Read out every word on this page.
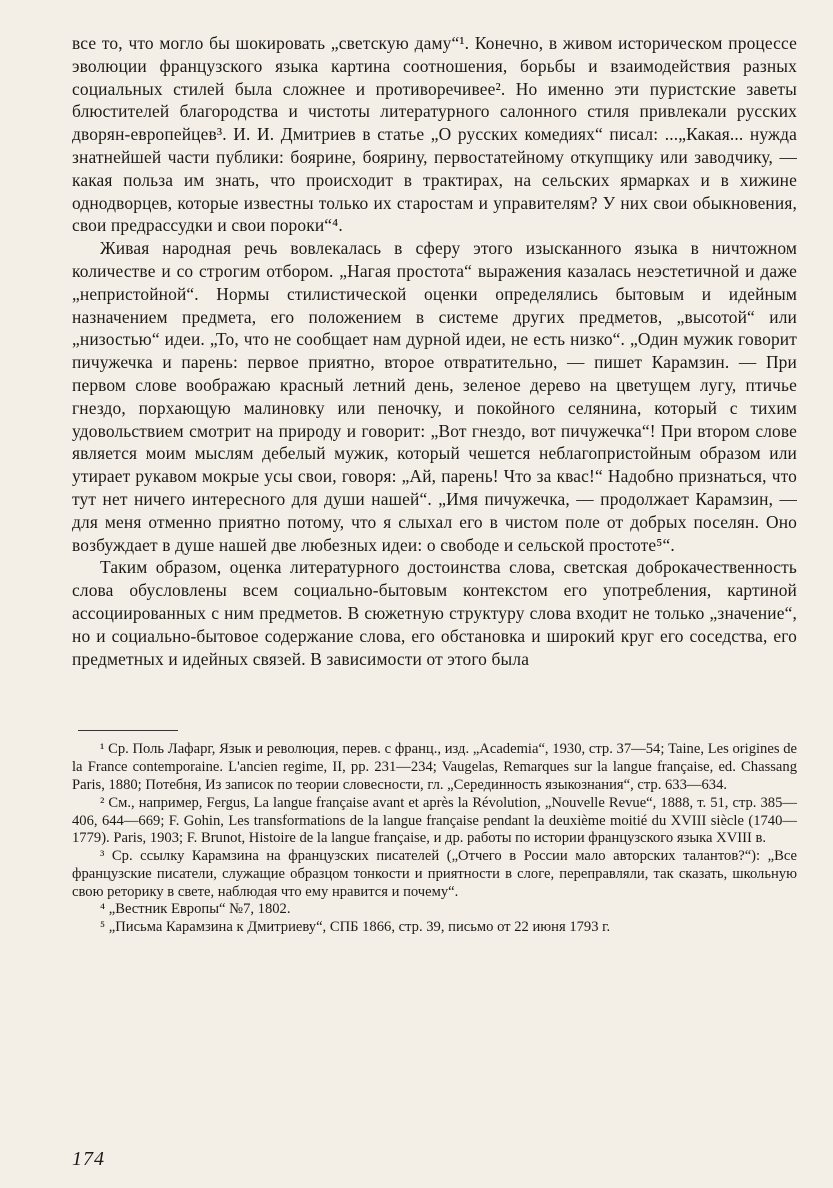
все то, что могло бы шокировать „светскую даму“¹. Конечно, в живом историческом процессе эволюции французского языка картина соотношения, борьбы и взаимодействия разных социальных стилей была сложнее и противоречивее². Но именно эти пуристские заветы блюстителей благородства и чистоты литературного салонного стиля привлекали русских дворян-европейцев³. И. И. Дмитриев в статье „О русских комедиях“ писал: ...„Какая... нужда знатнейшей части публики: боярине, боярину, первостатейному откупщику или заводчику, — какая польза им знать, что происходит в трактирах, на сельских ярмарках и в хижине однодворцев, которые известны только их старостам и управителям? У них свои обыкновения, свои предрассудки и свои пороки“⁴.

Живая народная речь вовлекалась в сферу этого изысканного языка в ничтожном количестве и со строгим отбором. „Нагая простота“ выражения казалась неэстетичной и даже „непристойной“. Нормы стилистической оценки определялись бытовым и идейным назначением предмета, его положением в системе других предметов, „высотой“ или „низостью“ идеи. „То, что не сообщает нам дурной идеи, не есть низко“. „Один мужик говорит пичужечка и парень: первое приятно, второе отвратительно, — пишет Карамзин. — При первом слове воображаю красный летний день, зеленое дерево на цветущем лугу, птичье гнездо, порхающую малиновку или пеночку, и покойного селянина, который с тихим удовольствием смотрит на природу и говорит: „Вот гнездо, вот пичужечка“! При втором слове является моим мыслям дебелый мужик, который чешется неблагопристойным образом или утирает рукавом мокрые усы свои, говоря: „Ай, парень! Что за квас!“ Надобно признаться, что тут нет ничего интересного для души нашей“. „Имя пичужечка, — продолжает Карамзин, — для меня отменно приятно потому, что я слыхал его в чистом поле от добрых поселян. Оно возбуждает в душе нашей две любезных идеи: о свободе и сельской простоте⁵“.

Таким образом, оценка литературного достоинства слова, светская доброкачественность слова обусловлены всем социально-бытовым контекстом его употребления, картиной ассоциированных с ним предметов. В сюжетную структуру слова входит не только „значение“, но и социально-бытовое содержание слова, его обстановка и широкий круг его соседства, его предметных и идейных связей. В зависимости от этого была

¹ Ср. Поль Лафарг, Язык и революция, перев. с франц., изд. „Academia“, 1930, стр. 37—54; Taine, Les origines de la France contemporaine. L'ancien regime, II, pp. 231—234; Vaugelas, Remarques sur la langue française, ed. Chassang Paris, 1880; Потебня, Из записок по теории словесности, гл. „Серединность языкознания“, стр. 633—634.

² См., например, Fergus, La langue française avant et après la Révolution, „Nouvelle Revue“, 1888, т. 51, стр. 385—406, 644—669; F. Gohin, Les transformations de la langue française pendant la deuxième moitié du XVIII siècle (1740—1779). Paris, 1903; F. Brunot, Histoire de la langue française, и др. работы по истории французского языка XVIII в.

³ Ср. ссылку Карамзина на французских писателей („Отчего в России мало авторских талантов?“): „Все французские писатели, служащие образцом тонкости и приятности в слоге, переправляли, так сказать, школьную свою реторику в свете, наблюдая что ему нравится и почему“.

⁴ „Вестник Европы“ №7, 1802.

⁵ „Письма Карамзина к Дмитриеву“, СПБ 1866, стр. 39, письмо от 22 июня 1793 г.

174
